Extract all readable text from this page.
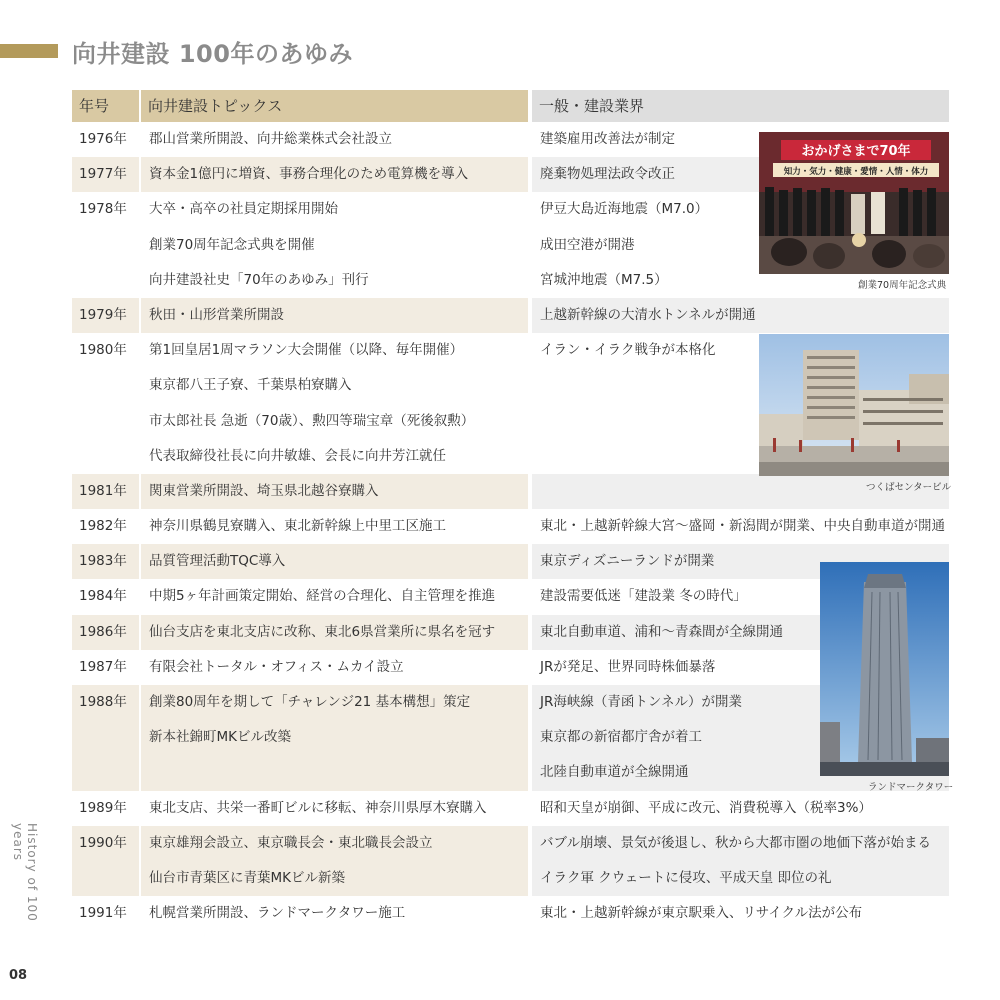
向井建設 100年のあゆみ
年号	向井建設トピックス	一般・建設業界
1976年 郡山営業所開設、向井総業株式会社設立	建築雇用改善法が制定
1977年 資本金1億円に増資、事務合理化のため電算機を導入	廃棄物処理法政令改正
1978年 大卒・高卒の社員定期採用開始	伊豆大島近海地震（M7.0）
創業70周年記念式典を開催	成田空港が開港
向井建設社史「70年のあゆみ」刊行	宮城沖地震（M7.5）
1979年 秋田・山形営業所開設	上越新幹線の大清水トンネルが開通
1980年 第1回皇居1周マラソン大会開催（以降、毎年開催）	イラン・イラク戦争が本格化
東京都八王子寮、千葉県柏寮購入
市太郎社長 急逝（70歳）、勲四等瑞宝章（死後叙勲）
代表取締役社長に向井敏雄、会長に向井芳江就任
1981年 関東営業所開設、埼玉県北越谷寮購入
1982年 神奈川県鶴見寮購入、東北新幹線上中里工区施工	東北・上越新幹線大宮〜盛岡・新潟間が開業、中央自動車道が開通
1983年 品質管理活動TQC導入	東京ディズニーランドが開業
1984年 中期5ヶ年計画策定開始、経営の合理化、自主管理を推進	建設需要低迷「建設業 冬の時代」
1986年 仙台支店を東北支店に改称、東北6県営業所に県名を冠す	東北自動車道、浦和〜青森間が全線開通
1987年 有限会社トータル・オフィス・ムカイ設立	JRが発足、世界同時株価暴落
1988年 創業80周年を期して「チャレンジ21 基本構想」策定	JR海峡線（青函トンネル）が開業
新本社錦町MKビル改築	東京都の新宿都庁舎が着工
北陸自動車道が全線開通
1989年 東北支店、共栄一番町ビルに移転、神奈川県厚木寮購入	昭和天皇が崩御、平成に改元、消費税導入（税率3%）
1990年 東京雄翔会設立、東京職長会・東北職長会設立	バブル崩壊、景気が後退し、秋から大都市圏の地価下落が始まる
仙台市青葉区に青葉MKビル新築	イラク軍 クウェートに侵攻、平成天皇 即位の礼
1991年 札幌営業所開設、ランドマークタワー施工	東北・上越新幹線が東京駅乗入、リサイクル法が公布
おかげさまで70年
知力・気力・健康・愛情・人情・体力
創業70周年記念式典
つくばセンタービル
ランドマークタワー
History of 100 years
08
